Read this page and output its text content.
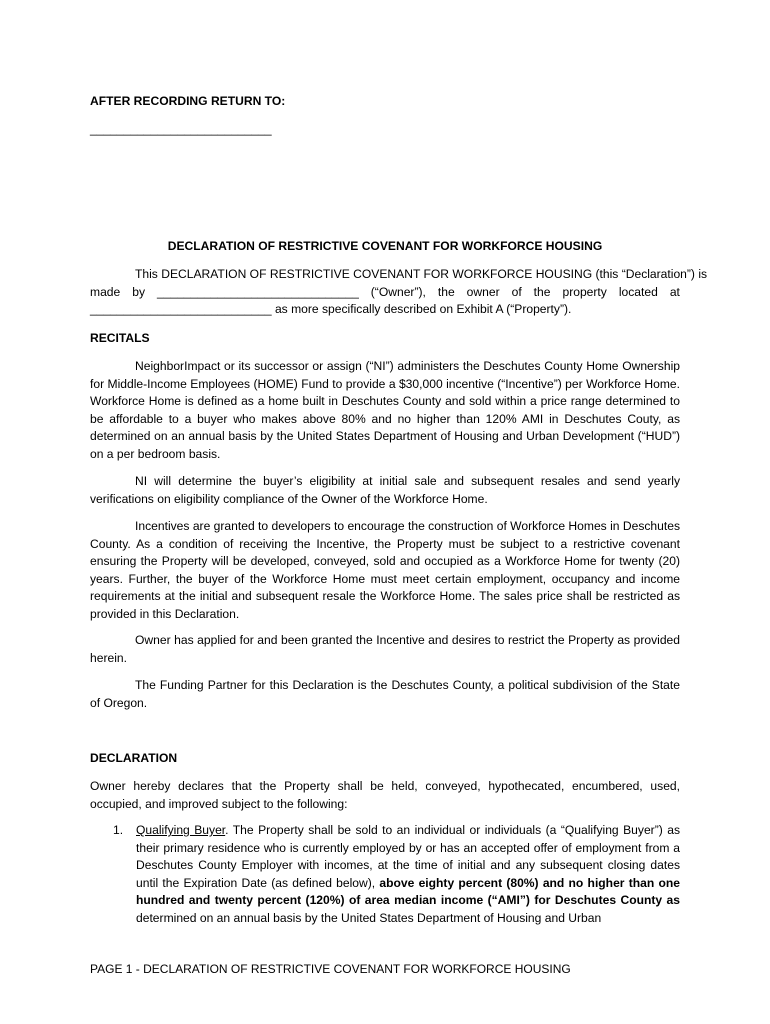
AFTER RECORDING RETURN TO:
___________________________
DECLARATION OF RESTRICTIVE COVENANT FOR WORKFORCE HOUSING
This DECLARATION OF RESTRICTIVE COVENANT FOR WORKFORCE HOUSING (this “Declaration”) is
made by ______________________________ (“Owner”), the owner of the property located at
___________________________ as more specifically described on Exhibit A (“Property”).
RECITALS
NeighborImpact or its successor or assign (“NI”) administers the Deschutes County Home Ownership for Middle-Income Employees (HOME) Fund to provide a $30,000 incentive (“Incentive”) per Workforce Home. Workforce Home is defined as a home built in Deschutes County and sold within a price range determined to be affordable to a buyer who makes above 80% and no higher than 120% AMI in Deschutes Couty, as determined on an annual basis by the United States Department of Housing and Urban Development (“HUD”) on a per bedroom basis.
NI will determine the buyer’s eligibility at initial sale and subsequent resales and send yearly verifications on eligibility compliance of the Owner of the Workforce Home.
Incentives are granted to developers to encourage the construction of Workforce Homes in Deschutes County. As a condition of receiving the Incentive, the Property must be subject to a restrictive covenant ensuring the Property will be developed, conveyed, sold and occupied as a Workforce Home for twenty (20) years. Further, the buyer of the Workforce Home must meet certain employment, occupancy and income requirements at the initial and subsequent resale the Workforce Home. The sales price shall be restricted as provided in this Declaration.
Owner has applied for and been granted the Incentive and desires to restrict the Property as provided herein.
The Funding Partner for this Declaration is the Deschutes County, a political subdivision of the State of Oregon.
DECLARATION
Owner hereby declares that the Property shall be held, conveyed, hypothecated, encumbered, used, occupied, and improved subject to the following:
1. Qualifying Buyer. The Property shall be sold to an individual or individuals (a “Qualifying Buyer”) as their primary residence who is currently employed by or has an accepted offer of employment from a Deschutes County Employer with incomes, at the time of initial and any subsequent closing dates until the Expiration Date (as defined below), above eighty percent (80%) and no higher than one hundred and twenty percent (120%) of area median income (“AMI”) for Deschutes County as determined on an annual basis by the United States Department of Housing and Urban
PAGE 1 - DECLARATION OF RESTRICTIVE COVENANT FOR WORKFORCE HOUSING
